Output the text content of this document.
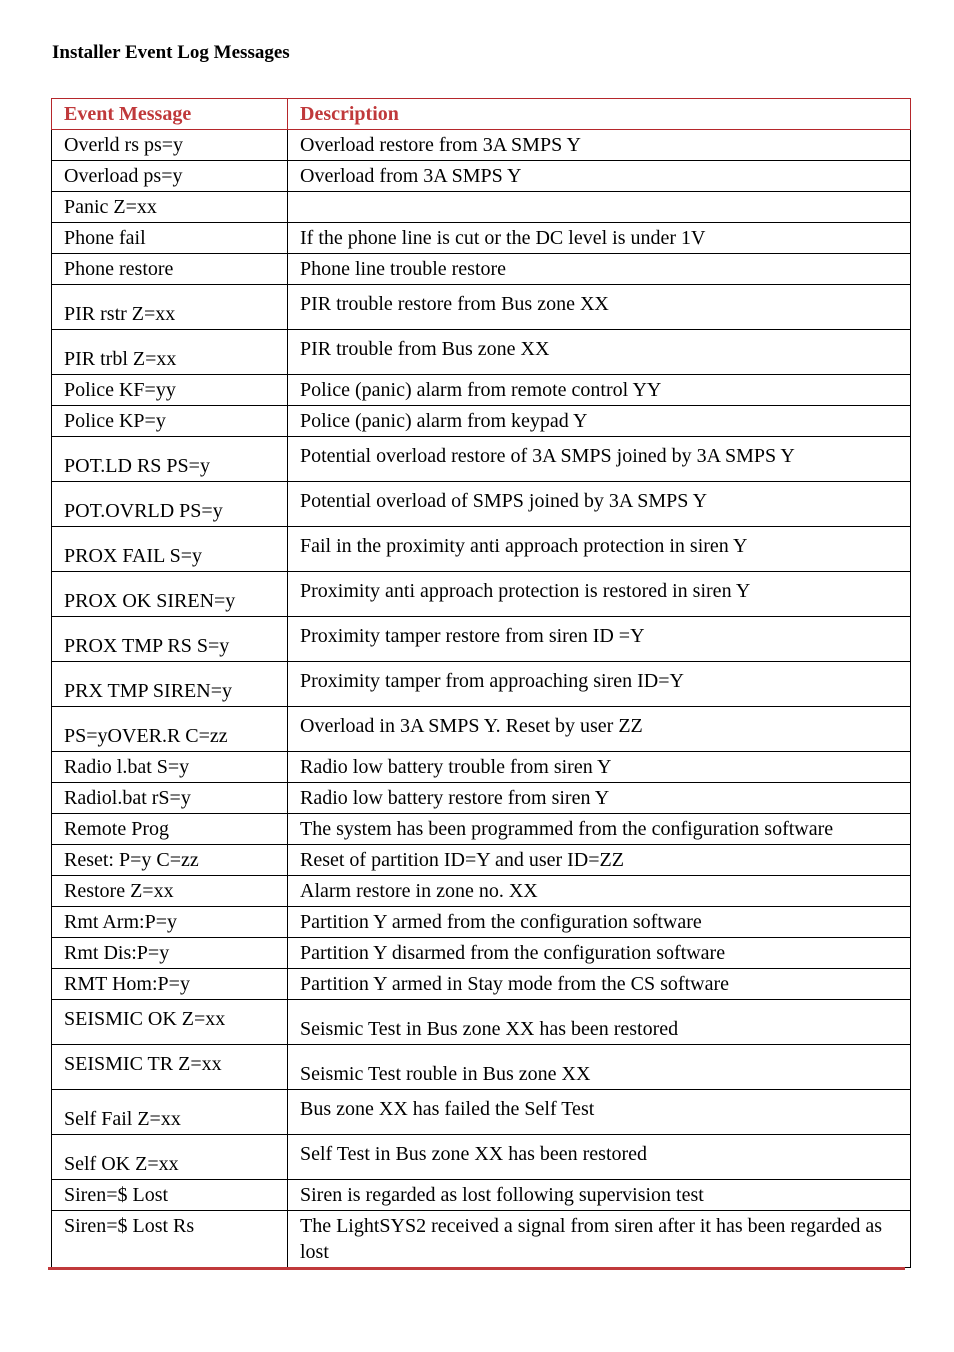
Installer Event Log Messages
Event Message	Description
Overld rs ps=y	Overload restore from 3A SMPS Y
Overload ps=y	Overload from 3A SMPS Y
Panic Z=xx	
Phone fail	If the phone line is cut or the DC level is under 1V
Phone restore	Phone line trouble restore
PIR rstr Z=xx	PIR trouble restore from Bus zone XX
PIR trbl Z=xx	PIR trouble from Bus zone XX
Police KF=yy	Police (panic) alarm from remote control YY
Police KP=y	Police (panic) alarm from keypad Y
POT.LD RS PS=y	Potential overload restore of 3A SMPS joined by 3A SMPS Y
POT.OVRLD PS=y	Potential overload of SMPS joined by 3A SMPS Y
PROX FAIL S=y	Fail in the proximity anti approach protection in siren Y
PROX OK SIREN=y	Proximity anti approach protection is restored in siren Y
PROX TMP RS S=y	Proximity tamper restore from siren ID =Y
PRX TMP SIREN=y	Proximity tamper from approaching siren ID=Y
PS=yOVER.R C=zz	Overload in 3A SMPS Y. Reset by user ZZ
Radio l.bat S=y	Radio low battery trouble from siren Y
Radiol.bat rS=y	Radio low battery restore from siren Y
Remote Prog	The system has been programmed from the configuration software
Reset: P=y C=zz	Reset of partition ID=Y and user ID=ZZ
Restore Z=xx	Alarm restore in zone no. XX
Rmt Arm:P=y	Partition Y armed from the configuration software
Rmt Dis:P=y	Partition Y disarmed from the configuration software
RMT Hom:P=y	Partition Y armed in Stay mode from the CS software
SEISMIC OK Z=xx	Seismic Test in Bus zone XX has been restored
SEISMIC TR Z=xx	Seismic Test rouble in Bus zone XX
Self Fail Z=xx	Bus zone XX has failed the Self Test
Self OK Z=xx	Self Test in Bus zone XX has been restored
Siren=$ Lost	Siren is regarded as lost following supervision test
Siren=$ Lost Rs	The LightSYS2 received a signal from siren after it has been regarded as lost
